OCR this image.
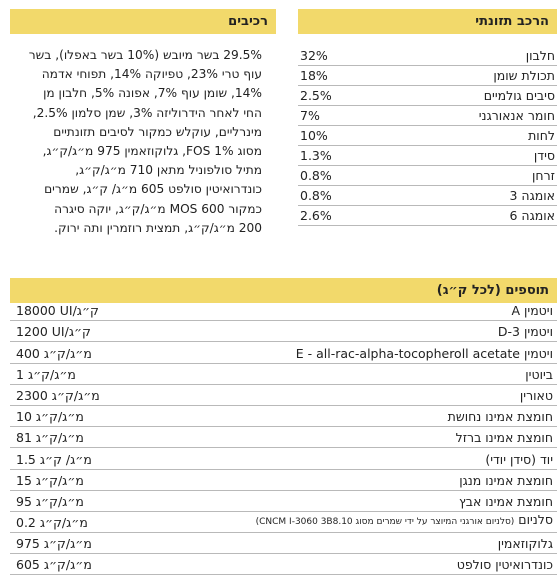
הרכב תזונתי
חלבון
32%
תכולת שומן
18%
סיבים גולמיים
2.5%
חומר אנאורגני
7%
לחות
10%
סידן
1.3%
זרחן
0.8%
אומגה 3
0.8%
אומגה 6
2.6%
רכיבים
29.5% בשר מיובש (10% בשר באפלו), בשר עוף טרי 23%, טפיוקה 14%, תפוחי אדמה 14%, שומן עוף 7%, אפונה 5%, חלבון מן החי לאחר הידרוליזה 3%, שמן סלמון 2.5%, מינרליים, עוקלש כמקור לסיבים תזונתיים מסוג FOS 1%, גלוקוזאמין 975 מ״ג/ק״ג, מתיל סולפוניל מתאן 710 מ״ג/ק״ג, כונדרואיטין סולפט 605 מ״ג/ ק״ג, שמרים כמקור MOS 600 מ״ג/ק״ג, יוקה סיגרה 200 מ״ג/ק״ג, תמצית רוזמרין ותה ירוק.
תוספים (לכל ק״ג)
ויטמין A
18000 UI/ק״ג
ויטמין D-3
1200 UI/ק״ג
ויטמין E - all-rac-alpha-tocopheroll acetate
400 מ״ג/ק״ג
ביוטין
1 מ״ג/ק״ג
טאורין
2300 מ״ג/ק״ג
חומצת אמינו נחושת
10 מ״ג/ק״ג
חומצת אמינו ברזל
81 מ״ג/ק״ג
יוד (סידן יודי)
1.5 מ״ג/ ק״ג
חומצת אמינו מנגן
15 מ״ג/ק״ג
חומצת אמינו אבץ
95 מ״ג/ק״ג
סלניום (סלניום אורגני המיוצר על ידי שמרים מסוג CNCM I-3060 3B8.10)
0.2 מ״ג/ק״ג
גלוקוזאמין
975 מ״ג/ק״ג
כונדרואיטין סולפט
605 מ״ג/ק״ג
